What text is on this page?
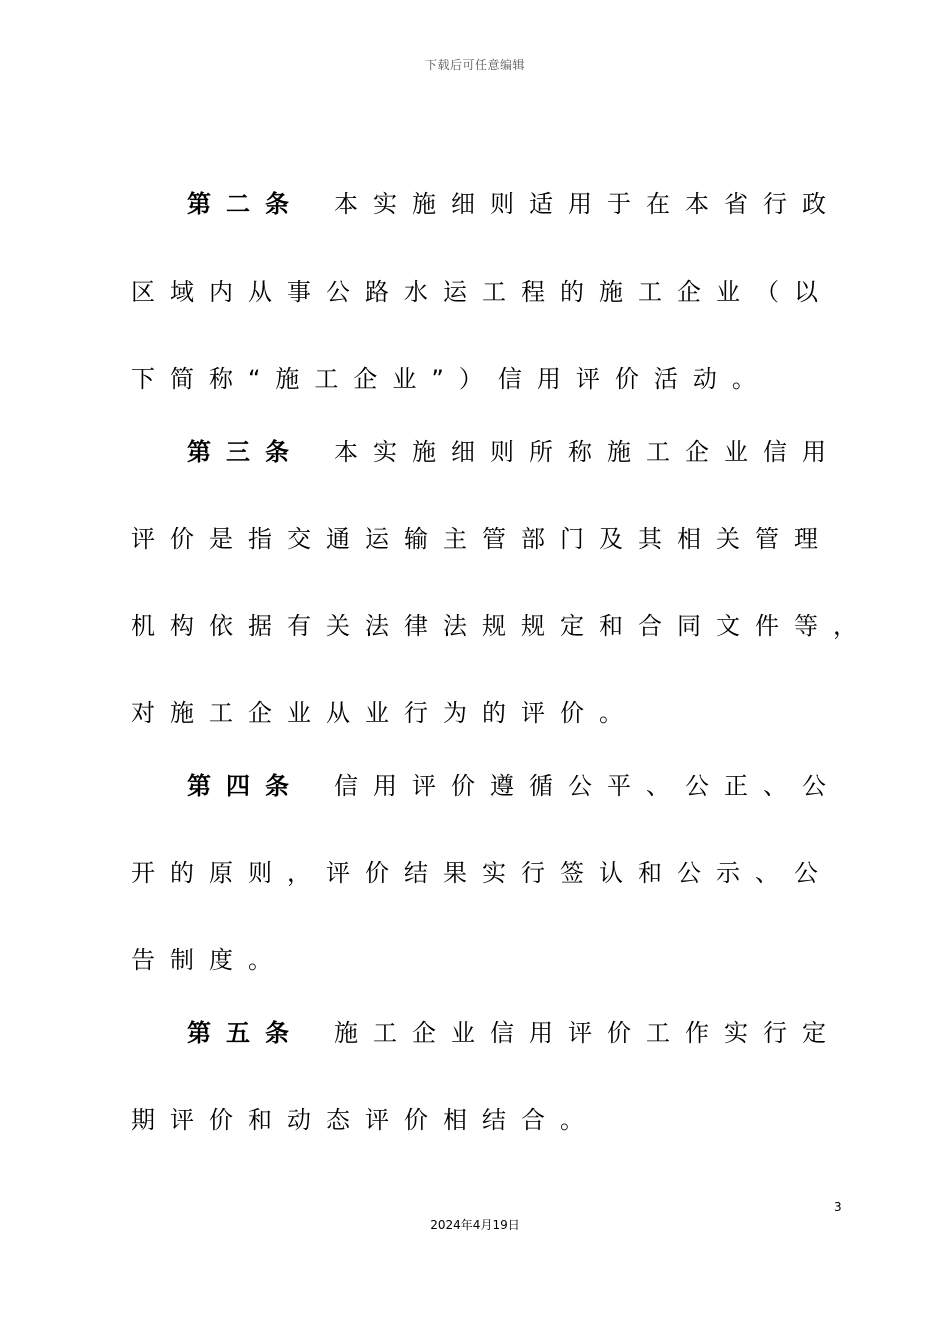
下载后可任意编辑
第二条 本实施细则适用于在本省行政
区域内从事公路水运工程的施工企业（以
下简称“施工企业”）信用评价活动。
第三条 本实施细则所称施工企业信用
评价是指交通运输主管部门及其相关管理
机构依据有关法律法规规定和合同文件等，
对施工企业从业行为的评价。
第四条 信用评价遵循公平、公正、公
开的原则，评价结果实行签认和公示、公
告制度。
第五条 施工企业信用评价工作实行定
期评价和动态评价相结合。
3
2024年4月19日
